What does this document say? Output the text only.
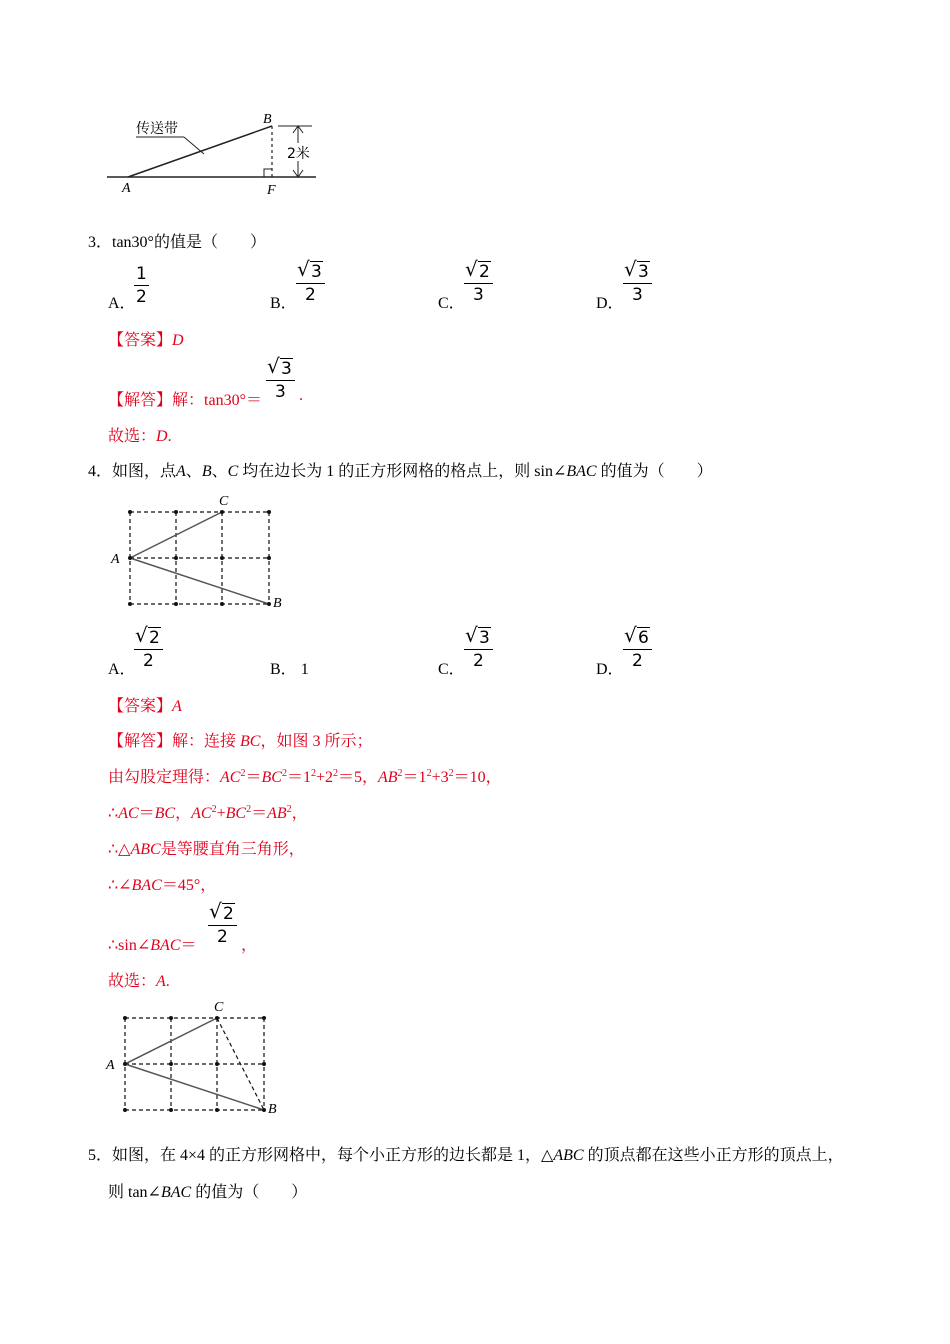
传送带
2米
A
B
F
3．tan30°的值是（　　）
A．
$\frac{1}{2}$	B． √ $\frac{3}{2}$	C． √ $\frac{2}{3}$	D． √ $\frac{3}{3}$
【答案】D
【解答】解：tan30°＝ √ $\frac{3}{3}$ .
故选：D.
4．如图，点A、B、C 均在边长为 1 的正方形网格的格点上，则 sin∠BAC 的值为（　　）
A
C
B
A．
√ $\frac{2}{2}$	B． 1	C． √ $\frac{3}{2}$	D． √ $\frac{6}{2}$
【答案】A
【解答】解：连接 BC，如图 3 所示；
由勾股定理得：$AC^2=BC^2=1^2+2^2=5$，$AB^2=1^2+3^2=10$，
∴AC＝BC，$AC^2+BC^2=AB^2$，
∴△ABC是等腰直角三角形，
∴∠BAC＝45°，
∴sin∠BAC＝ √ $\frac{2}{2}$ ，
故选：A.
A
C
B
5．如图，在 4×4 的正方形网格中，每个小正方形的边长都是 1，△ABC 的顶点都在这些小正方形的顶点上，
则 tan∠BAC 的值为（　　）
